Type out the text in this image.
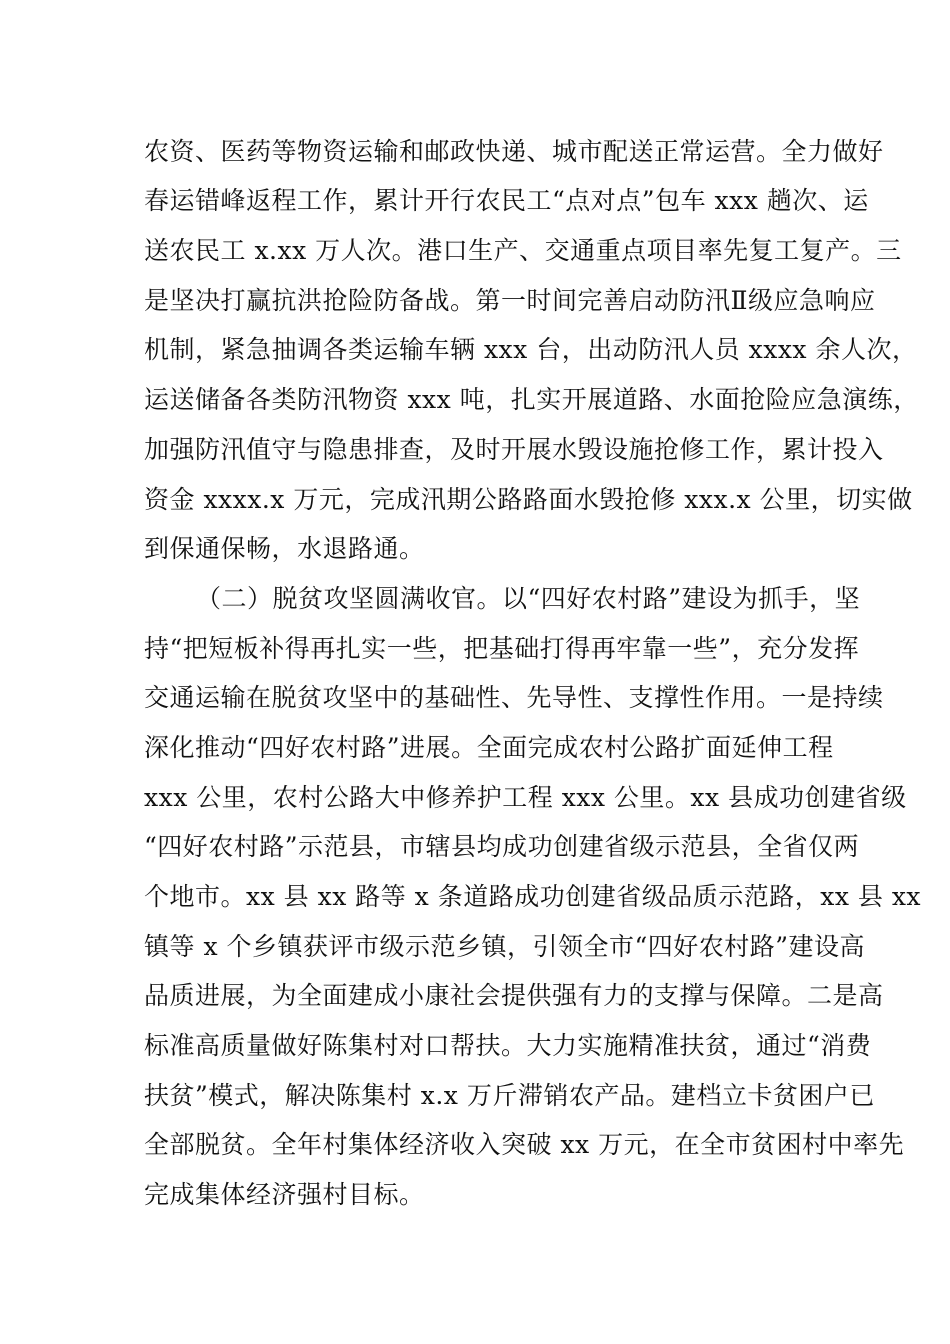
农资、医药等物资运输和邮政快递、城市配送正常运营。全力做好
春运错峰返程工作，累计开行农民工“点对点”包车 xxx 趟次、运
送农民工 x.xx 万人次。港口生产、交通重点项目率先复工复产。三
是坚决打赢抗洪抢险防备战。第一时间完善启动防汛Ⅱ级应急响应
机制，紧急抽调各类运输车辆 xxx 台，出动防汛人员 xxxx 余人次，
运送储备各类防汛物资 xxx 吨，扎实开展道路、水面抢险应急演练，
加强防汛值守与隐患排查，及时开展水毁设施抢修工作，累计投入
资金 xxxx.x 万元，完成汛期公路路面水毁抢修 xxx.x 公里，切实做
到保通保畅，水退路通。
（二）脱贫攻坚圆满收官。以“四好农村路”建设为抓手，坚
持“把短板补得再扎实一些，把基础打得再牢靠一些”，充分发挥
交通运输在脱贫攻坚中的基础性、先导性、支撑性作用。一是持续
深化推动“四好农村路”进展。全面完成农村公路扩面延伸工程
xxx 公里，农村公路大中修养护工程 xxx 公里。xx 县成功创建省级
“四好农村路”示范县，市辖县均成功创建省级示范县，全省仅两
个地市。xx 县 xx 路等 x 条道路成功创建省级品质示范路，xx 县 xx
镇等 x 个乡镇获评市级示范乡镇，引领全市“四好农村路”建设高
品质进展，为全面建成小康社会提供强有力的支撑与保障。二是高
标准高质量做好陈集村对口帮扶。大力实施精准扶贫，通过“消费
扶贫”模式，解决陈集村 x.x 万斤滞销农产品。建档立卡贫困户已
全部脱贫。全年村集体经济收入突破 xx 万元，在全市贫困村中率先
完成集体经济强村目标。
